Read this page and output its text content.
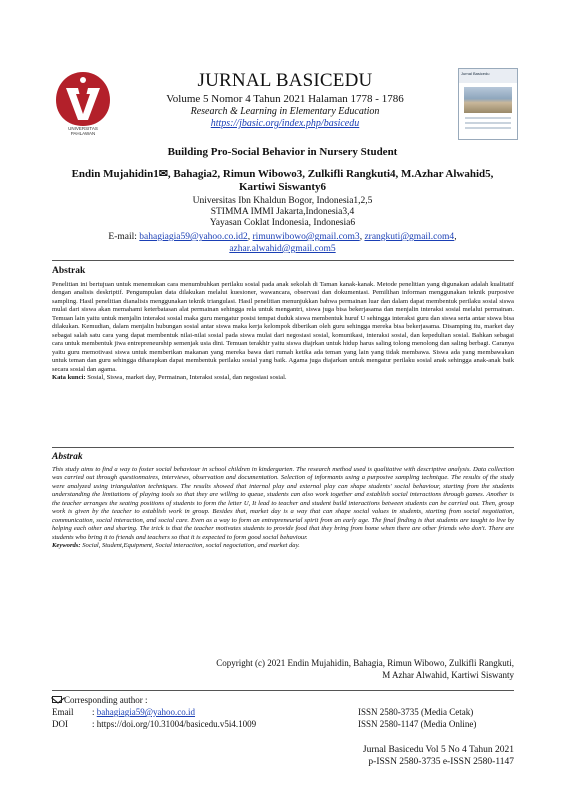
UNIVERSITAS
PAHLAWAN
JURNAL BASICEDU
Volume 5 Nomor 4 Tahun 2021 Halaman 1778 - 1786
Research & Learning in Elementary Education
https://jbasic.org/index.php/basicedu
Jurnal Basicedu
Building Pro-Social Behavior in Nursery Student
Endin Mujahidin1✉, Bahagia2, Rimun Wibowo3, Zulkifli Rangkuti4, M.Azhar Alwahid5,
Kartiwi Siswanty6
Universitas Ibn Khaldun Bogor, Indonesia1,2,5
STIMMA IMMI Jakarta,Indonesia3,4
Yayasan Coklat Indonesia, Indonesia6
E-mail: bahagiagia59@yahoo.co.id2, rimunwibowo@gmail.com3, zrangkuti@gmail.com4,
azhar.alwahid@gmail.com5
Abstrak
Penelitian ini bertujuan untuk menemukan cara menumbuhkan perilaku sosial pada anak sekolah di Taman kanak-kanak. Metode penelitian yang digunakan adalah kualitatif dengan analisis deskriptif. Pengumpulan data dilakukan melalui kuesioner, wawancara, observasi dan dokumentasi. Pemilihan informan menggunakan teknik purposive sampling. Hasil penelitian dianalisis menggunakan teknik triangulasi. Hasil penelitian menunjukkan bahwa permainan luar dan dalam dapat membentuk perilaku sosial siswa mulai dari siswa akan memahami keterbatasan alat permainan sehingga rela untuk mengantri, siswa juga bisa bekerjasama dan menjalin interaksi sosial melalui permainan. Temuan lain yaitu untuk menjalin interaksi sosial maka guru mengatur posisi tempat duduk siswa membentuk huruf U sehingga interaksi guru dan siswa serta antar siswa bisa dilakukan. Kemudian, dalam menjalin hubungan sosial antar siswa maka kerja kelompok diberikan oleh guru sehingga mereka bisa bekerjasama. Disamping itu, market day sebagai salah satu cara yang dapat membentuk nilai-nilai sosial pada siswa mulai dari negosiasi sosial, komunikasi, interaksi sosial, dan kepedulian sosial. Bahkan sebagai cara untuk membentuk jiwa entrepreneurship semenjak usia dini. Temuan terakhir yaitu siswa diajrkan untuk hidup harus saling tolong menolong dan saling berbagi. Caranya yaitu guru memotivasi siswa untuk memberikan makanan yang mereka bawa dari rumah ketika ada teman yang lain yang tidak membawa. Siswa ada yang membawakan untuk teman dan guru sehingga diharapkan dapat membentuk perilaku sosial yang baik. Agama juga diajarkan untuk mengatur perilaku sosial anak sehingga anak-anak baik secara sosial dan agama.
Kata kunci: Sosial, Siswa, market day, Permainan, Interaksi sosial, dan negosiasi sosial.
Abstrak
This study aims to find a way to foster social behaviour in school children in kindergarten. The research method used is qualitative with descriptive analysis. Data collection was carried out through questionnaires, interviews, observation and documentation. Selection of informants using a purposive sampling technique. The results of the study were analyzed using triangulation techniques. The results showed that internal play and external play can shape students' social behaviour, starting from the students understanding the limitations of playing tools so that they are willing to queue, students can also work together and establish social interactions through games. Another is the teacher arranges the seating positions of students to form the letter U, It lead to teacher and student build interactions between students can be carried out. Then, group work is given by the teacher to establish work in group. Besides that, market day is a way that can shape social values in students, starting from social negotiation, communication, social interaction, and social care. Even as a way to form an entrepreneurial spirit from an early age. The final finding is that students are taught to live by helping each other and sharing. The trick is that the teacher motivates students to provide food that they bring from home when there are other friends who don't. There are students who bring it to friends and teachers so that it is expected to form good social behaviour.
Keywords: Social, Student,Equipment, Social interaction, social negociation, and market day.
Copyright (c) 2021 Endin Mujahidin, Bahagia, Rimun Wibowo, Zulkifli Rangkuti,
M Azhar Alwahid, Kartiwi Siswanty
Corresponding author :
Email : bahagiagia59@yahoo.co.id
DOI	: https://doi.org/10.31004/basicedu.v5i4.1009
ISSN 2580-3735 (Media Cetak)
ISSN 2580-1147 (Media Online)
Jurnal Basicedu Vol 5 No 4 Tahun 2021
p-ISSN 2580-3735 e-ISSN 2580-1147
